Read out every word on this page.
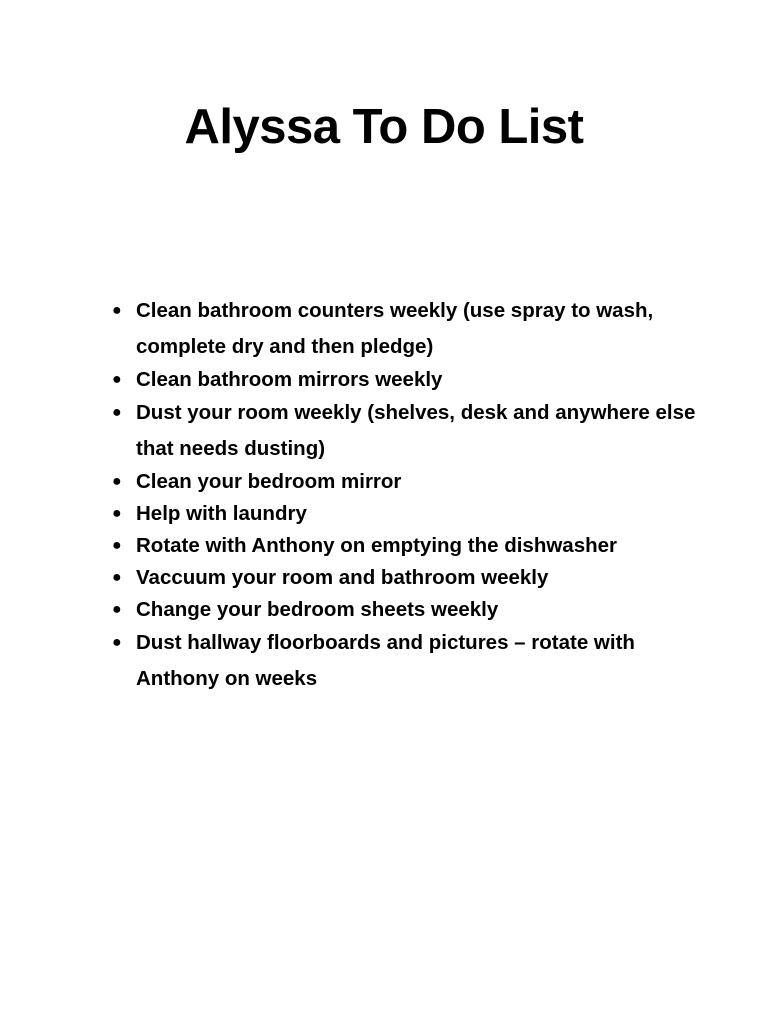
Alyssa To Do List
● Clean bathroom counters weekly (use spray to wash, complete dry and then pledge)
● Clean bathroom mirrors weekly
● Dust your room weekly (shelves, desk and anywhere else that needs dusting)
● Clean your bedroom mirror
● Help with laundry
● Rotate with Anthony on emptying the dishwasher
● Vaccuum your room and bathroom weekly
● Change your bedroom sheets weekly
● Dust hallway floorboards and pictures – rotate with Anthony on weeks
